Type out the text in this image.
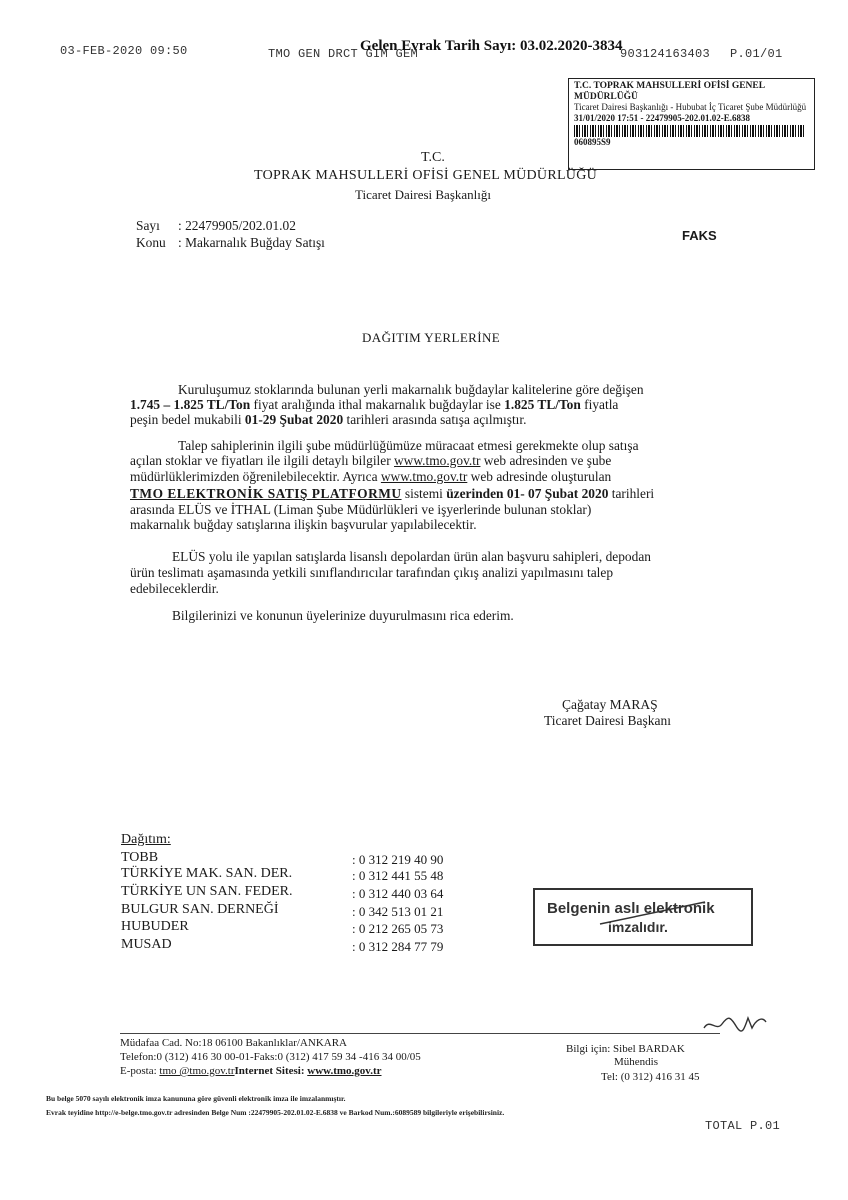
03-FEB-2020 09:50	TMO GEN DRCT GIM GEM
Gelen Evrak Tarih Sayı: 03.02.2020-3834
903124163403 P.01/01
T.C. TOPRAK MAHSULLERİ OFİSİ GENEL MÜDÜRLÜĞÜ
Ticaret Dairesi Başkanlığı - Hububat İç Ticaret Şube Müdürlüğü
31/01/2020 17:51 - 22479905-202.01.02-E.6838
060895S9
T.C.
TOPRAK MAHSULLERİ OFİSİ GENEL MÜDÜRLÜĞÜ
Ticaret Dairesi Başkanlığı
Sayı : 22479905/202.01.02
Konu : Makarnalık Buğday Satışı	FAKS
DAĞITIM YERLERİNE
Kuruluşumuz stoklarında bulunan yerli makarnalık buğdaylar kalitelerine göre değişen
1.745 – 1.825 TL/Ton fiyat aralığında ithal makarnalık buğdaylar ise 1.825 TL/Ton fiyatla
peşin bedel mukabili 01-29 Şubat 2020 tarihleri arasında satışa açılmıştır.
Talep sahiplerinin ilgili şube müdürlüğümüze müracaat etmesi gerekmekte olup satışa
açılan stoklar ve fiyatları ile ilgili detaylı bilgiler www.tmo.gov.tr web adresinden ve şube
müdürlüklerimizden öğrenilebilecektir. Ayrıca www.tmo.gov.tr web adresinde oluşturulan
TMO ELEKTRONİK SATIŞ PLATFORMU sistemi üzerinden 01- 07 Şubat 2020 tarihleri
arasında ELÜS ve İTHAL (Liman Şube Müdürlükleri ve işyerlerinde bulunan stoklar)
makarnalık buğday satışlarına ilişkin başvurular yapılabilecektir.
ELÜS yolu ile yapılan satışlarda lisanslı depolardan ürün alan başvuru sahipleri, depodan
ürün teslimatı aşamasında yetkili sınıflandırıcılar tarafından çıkış analizi yapılmasını talep
edebileceklerdir.
Bilgilerinizi ve konunun üyelerinize duyurulmasını rica ederim.
Çağatay MARAŞ
Ticaret Dairesi Başkanı
Dağıtım:
TOBB	: 0 312 219 40 90
TÜRKİYE MAK. SAN. DER.	: 0 312 441 55 48
TÜRKİYE UN SAN. FEDER.	: 0 312 440 03 64
BULGUR SAN. DERNEĞİ	: 0 342 513 01 21
HUBUDER	: 0 212 265 05 73
MUSAD	: 0 312 284 77 79
Belgenin aslı elektronik
imzalıdır.
Müdafaa Cad. No:18 06100 Bakanlıklar/ANKARA
Telefon:0 (312) 416 30 00-01-Faks:0 (312) 417 59 34 -416 34 00/05
E-posta: tmo @tmo.gov.trInternet Sitesi: www.tmo.gov.tr
Bilgi için: Sibel BARDAK
Mühendis
Tel: (0 312) 416 31 45
Bu belge 5070 sayılı elektronik imza kanununa göre güvenli elektronik imza ile imzalanmıştır.
Evrak teyidine http://e-belge.tmo.gov.tr adresinden Belge Num :22479905-202.01.02-E.6838 ve Barkod Num.:6089589 bilgileriyle erişebilirsiniz.
TOTAL P.01
